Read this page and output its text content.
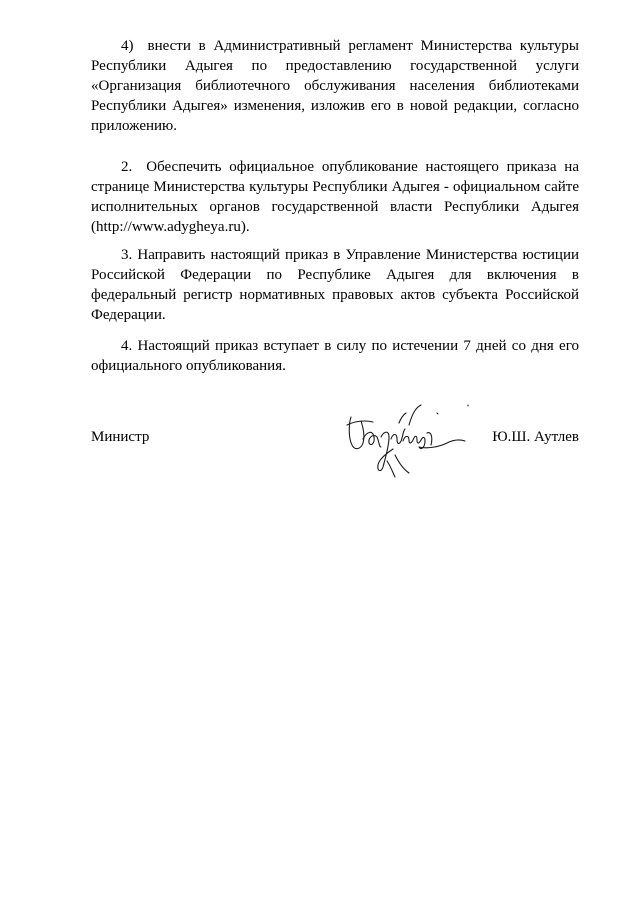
4) внести в Административный регламент Министерства культуры Республики Адыгея по предоставлению государственной услуги «Организация библиотечного обслуживания населения библиотеками Республики Адыгея» изменения, изложив его в новой редакции, согласно приложению.

2. Обеспечить официальное опубликование настоящего приказа на странице Министерства культуры Республики Адыгея - официальном сайте исполнительных органов государственной власти Республики Адыгея (http://www.adygheya.ru).

3. Направить настоящий приказ в Управление Министерства юстиции Российской Федерации по Республике Адыгея для включения в федеральный регистр нормативных правовых актов субъекта Российской Федерации.

4. Настоящий приказ вступает в силу по истечении 7 дней со дня его официального опубликования.

Министр	Ю.Ш. Аутлев
